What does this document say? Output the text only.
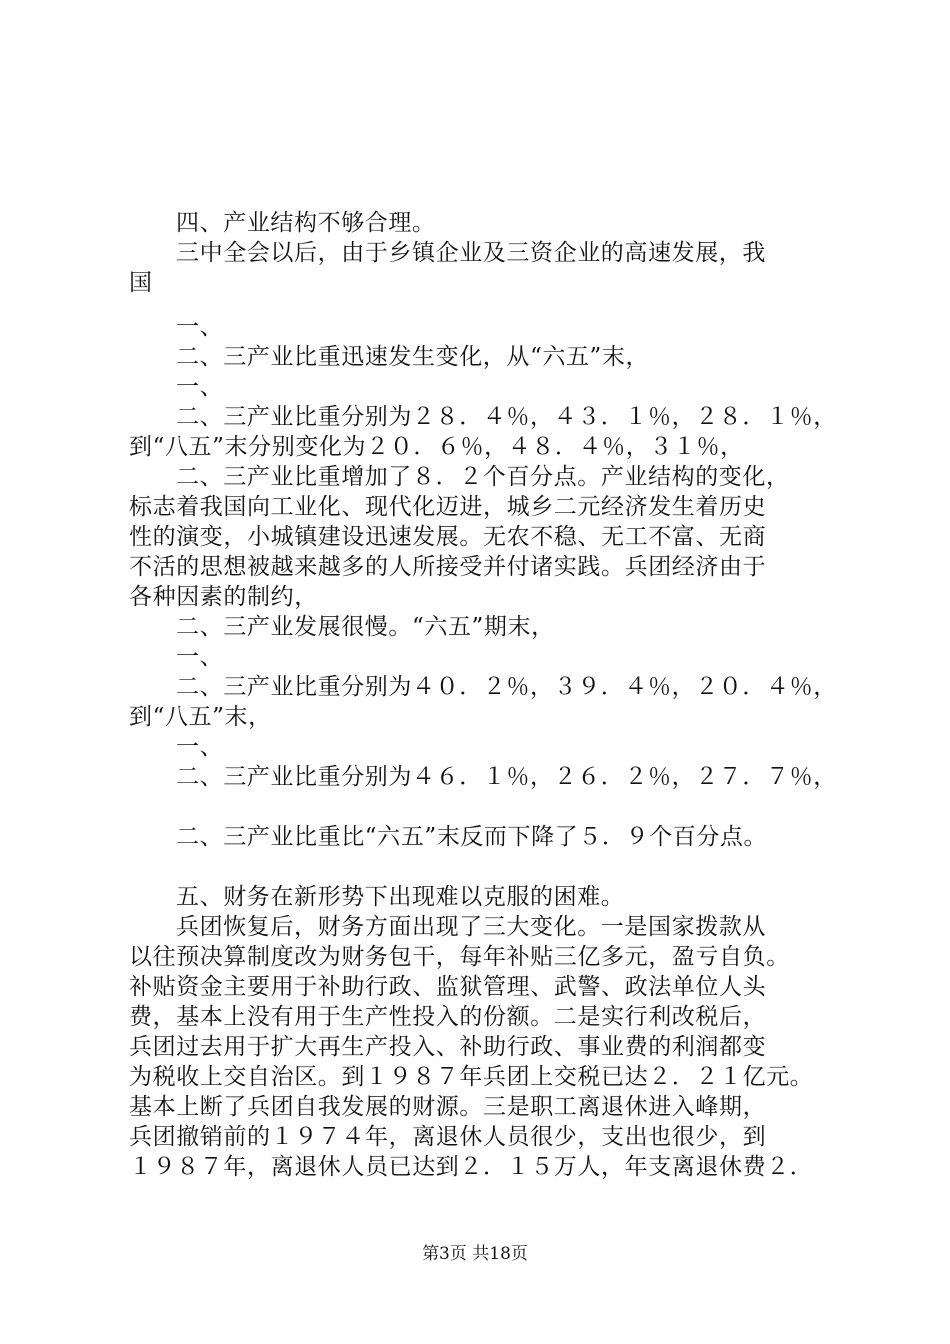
四、产业结构不够合理。
三中全会以后，由于乡镇企业及三资企业的高速发展，我
国
一、
二、三产业比重迅速发生变化，从“六五”末，
一、
二、三产业比重分别为２８．４％，４３．１％，２８．１％，
到“八五”末分别变化为２０．６％，４８．４％，３１％，
二、三产业比重增加了８．２个百分点。产业结构的变化，
标志着我国向工业化、现代化迈进，城乡二元经济发生着历史
性的演变，小城镇建设迅速发展。无农不稳、无工不富、无商
不活的思想被越来越多的人所接受并付诸实践。兵团经济由于
各种因素的制约，
二、三产业发展很慢。“六五”期末，
一、
二、三产业比重分别为４０．２％，３９．４％，２０．４％，
到“八五”末，
一、
二、三产业比重分别为４６．１％，２６．２％，２７．７％，
二、三产业比重比“六五”末反而下降了５．９个百分点。
五、财务在新形势下出现难以克服的困难。
兵团恢复后，财务方面出现了三大变化。一是国家拨款从
以往预决算制度改为财务包干，每年补贴三亿多元，盈亏自负。
补贴资金主要用于补助行政、监狱管理、武警、政法单位人头
费，基本上没有用于生产性投入的份额。二是实行利改税后，
兵团过去用于扩大再生产投入、补助行政、事业费的利润都变
为税收上交自治区。到１９８７年兵团上交税已达２．２１亿元。
基本上断了兵团自我发展的财源。三是职工离退休进入峰期，
兵团撤销前的１９７４年，离退休人员很少，支出也很少，到
１９８７年，离退休人员已达到２．１５万人，年支离退休费２．
第3页 共18页
